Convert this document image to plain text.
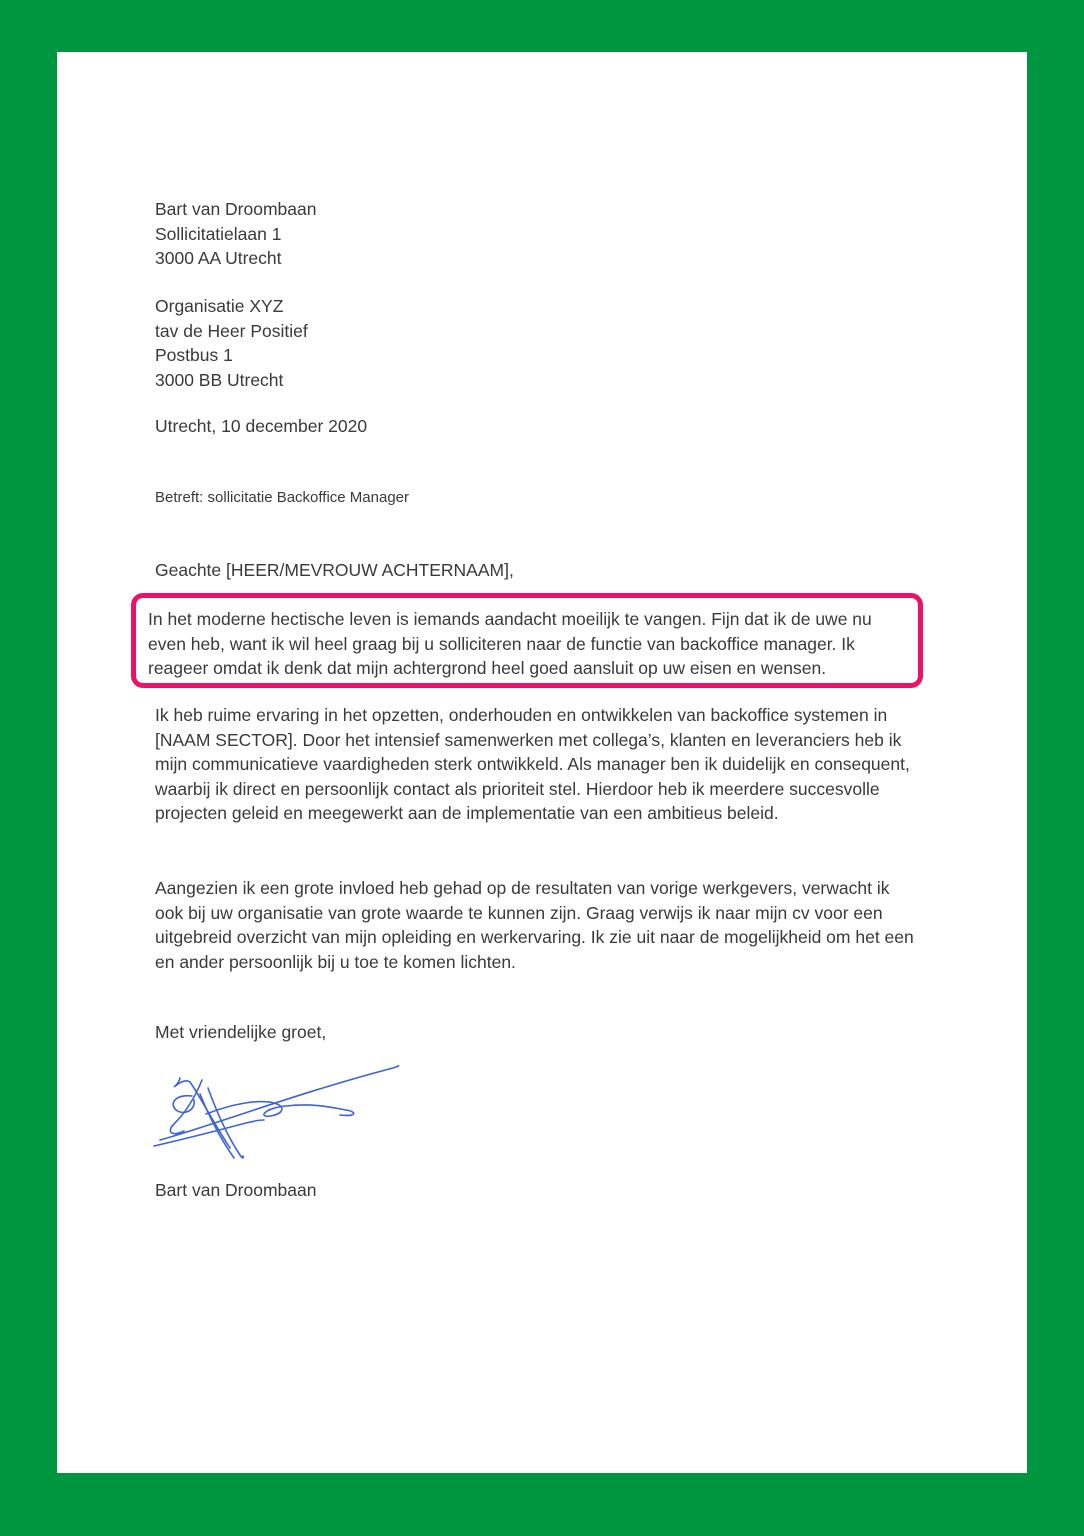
Bart van Droombaan
Sollicitatielaan 1
3000 AA Utrecht
Organisatie XYZ
tav de Heer Positief
Postbus 1
3000 BB Utrecht
Utrecht, 10 december 2020
Betreft: sollicitatie Backoffice Manager
Geachte [HEER/MEVROUW ACHTERNAAM],

In het moderne hectische leven is iemands aandacht moeilijk te vangen. Fijn dat ik de uwe nu even heb, want ik wil heel graag bij u solliciteren naar de functie van backoffice manager. Ik reageer omdat ik denk dat mijn achtergrond heel goed aansluit op uw eisen en wensen.

Ik heb ruime ervaring in het opzetten, onderhouden en ontwikkelen van backoffice systemen in [NAAM SECTOR]. Door het intensief samenwerken met collega’s, klanten en leveranciers heb ik mijn communicatieve vaardigheden sterk ontwikkeld. Als manager ben ik duidelijk en consequent, waarbij ik direct en persoonlijk contact als prioriteit stel. Hierdoor heb ik meerdere succesvolle projecten geleid en meegewerkt aan de implementatie van een ambitieus beleid.

Aangezien ik een grote invloed heb gehad op de resultaten van vorige werkgevers, verwacht ik ook bij uw organisatie van grote waarde te kunnen zijn. Graag verwijs ik naar mijn cv voor een uitgebreid overzicht van mijn opleiding en werkervaring. Ik zie uit naar de mogelijkheid om het een en ander persoonlijk bij u toe te komen lichten.

Met vriendelijke groet,
Bart van Droombaan
